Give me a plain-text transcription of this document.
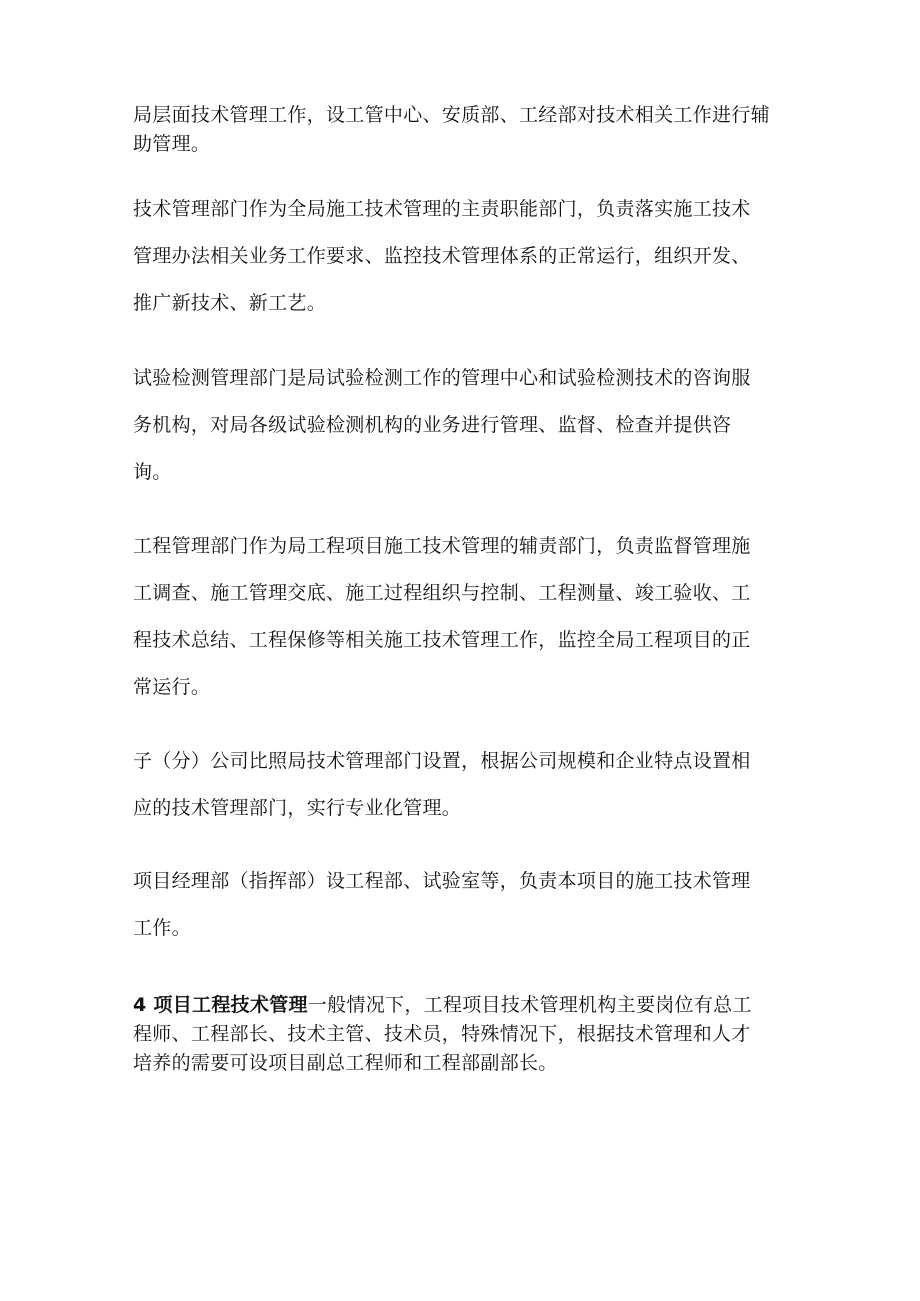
局层面技术管理工作，设工管中心、安质部、工经部对技术相关工作进行辅
助管理。
技术管理部门作为全局施工技术管理的主责职能部门，负责落实施工技术
管理办法相关业务工作要求、监控技术管理体系的正常运行，组织开发、
推广新技术、新工艺。
试验检测管理部门是局试验检测工作的管理中心和试验检测技术的咨询服
务机构，对局各级试验检测机构的业务进行管理、监督、检查并提供咨
询。
工程管理部门作为局工程项目施工技术管理的辅责部门，负责监督管理施
工调查、施工管理交底、施工过程组织与控制、工程测量、竣工验收、工
程技术总结、工程保修等相关施工技术管理工作，监控全局工程项目的正
常运行。
子（分）公司比照局技术管理部门设置，根据公司规模和企业特点设置相
应的技术管理部门，实行专业化管理。
项目经理部（指挥部）设工程部、试验室等，负责本项目的施工技术管理
工作。
4 项目工程技术管理一般情况下，工程项目技术管理机构主要岗位有总工
程师、工程部长、技术主管、技术员，特殊情况下，根据技术管理和人才
培养的需要可设项目副总工程师和工程部副部长。
